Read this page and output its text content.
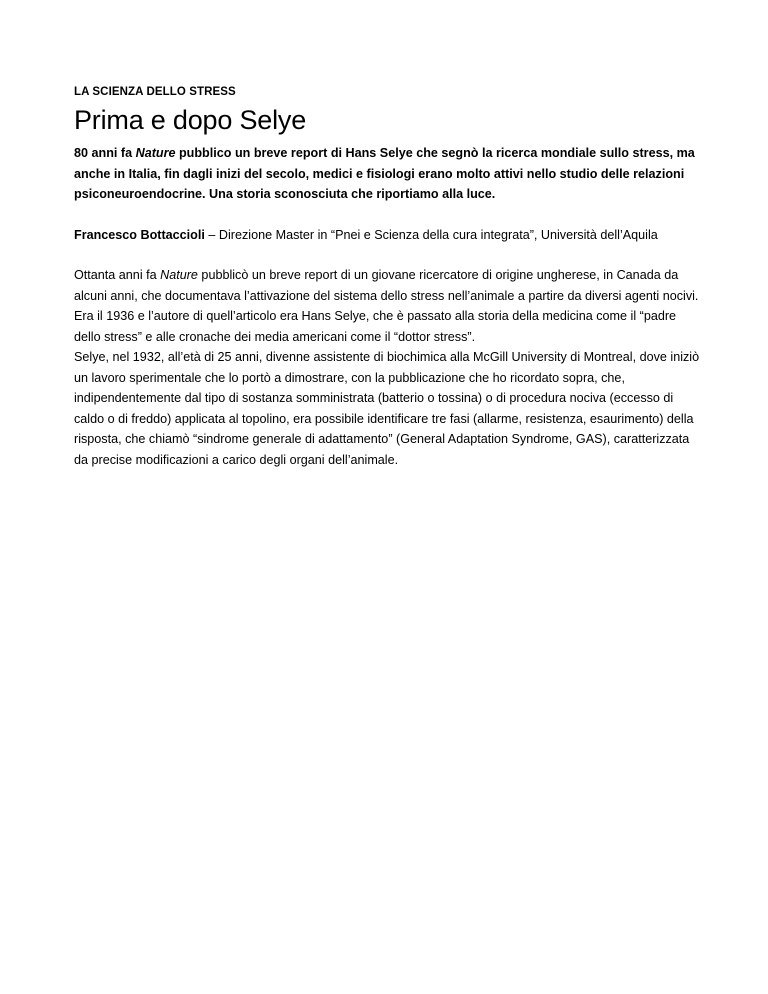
LA SCIENZA DELLO STRESS
Prima e dopo Selye

80 anni fa Nature pubblico un breve report di Hans Selye che segnò la ricerca mondiale sullo stress, ma anche in Italia, fin dagli inizi del secolo, medici e fisiologi erano molto attivi nello studio delle relazioni psiconeuroendocrine. Una storia sconosciuta che riportiamo alla luce.

Francesco Bottaccioli – Direzione Master in “Pnei e Scienza della cura integrata”, Università dell’Aquila

Ottanta anni fa Nature pubblicò un breve report di un giovane ricercatore di origine ungherese, in Canada da alcuni anni, che documentava l’attivazione del sistema dello stress nell’animale a partire da diversi agenti nocivi.

Era il 1936 e l’autore di quell’articolo era Hans Selye, che è passato alla storia della medicina come il “padre dello stress” e alle cronache dei media americani come il “dottor stress”.

Selye, nel 1932, all’età di 25 anni, divenne assistente di biochimica alla McGill University di Montreal, dove iniziò un lavoro sperimentale che lo portò a dimostrare, con la pubblicazione che ho ricordato sopra, che, indipendentemente dal tipo di sostanza somministrata (batterio o tossina) o di procedura nociva (eccesso di caldo o di freddo) applicata al topolino, era possibile identificare tre fasi (allarme, resistenza, esaurimento) della risposta, che chiamò “sindrome generale di adattamento” (General Adaptation Syndrome, GAS), caratterizzata da precise modificazioni a carico degli organi dell’animale.
